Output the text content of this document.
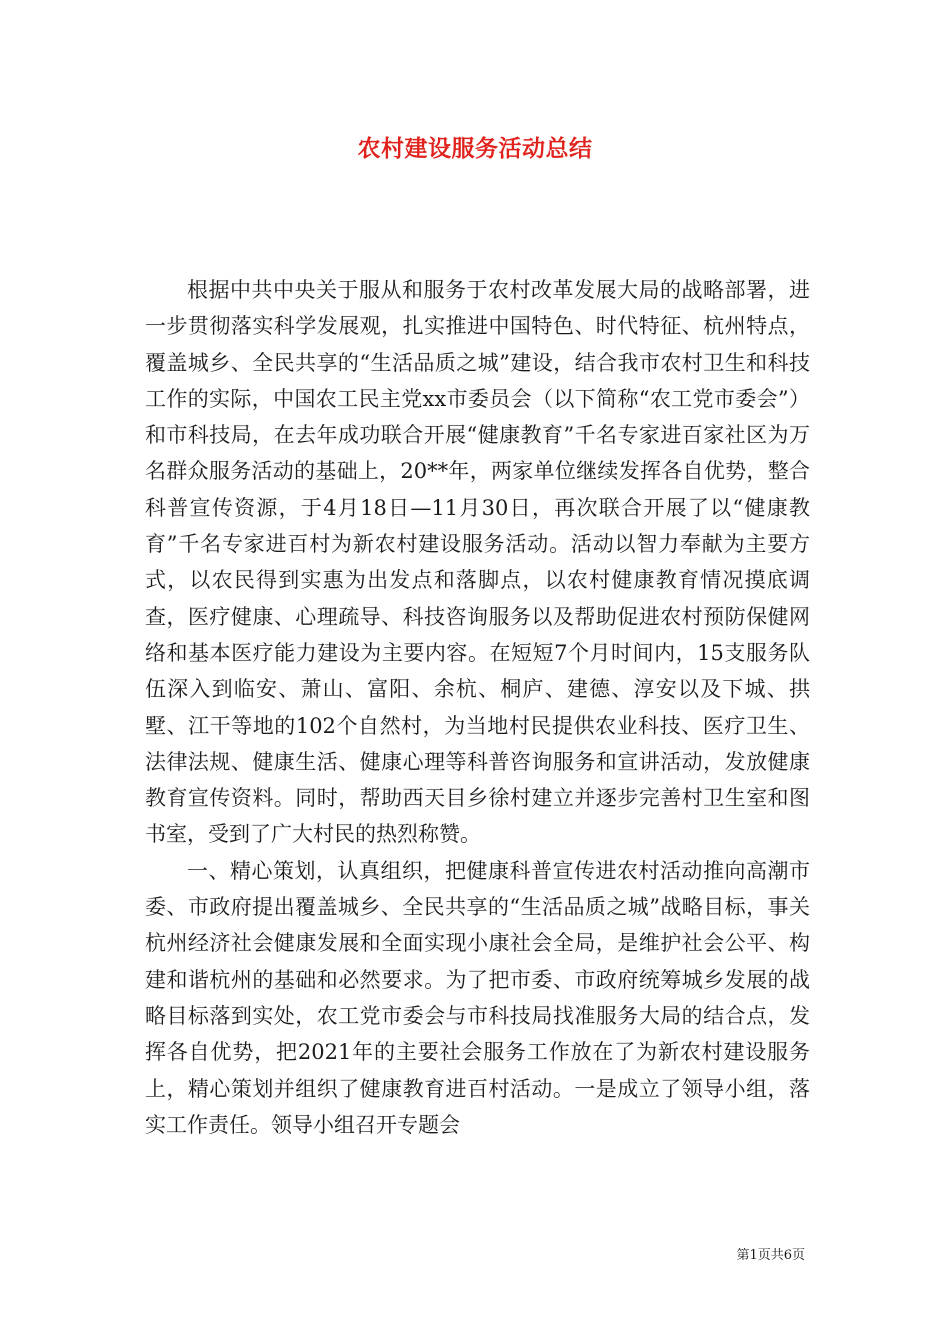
农村建设服务活动总结

根据中共中央关于服从和服务于农村改革发展大局的战略部署，进一步贯彻落实科学发展观，扎实推进中国特色、时代特征、杭州特点，覆盖城乡、全民共享的“生活品质之城”建设，结合我市农村卫生和科技工作的实际，中国农工民主党xx市委员会（以下简称“农工党市委会”）和市科技局，在去年成功联合开展“健康教育”千名专家进百家社区为万名群众服务活动的基础上，20**年，两家单位继续发挥各自优势，整合科普宣传资源，于4月18日—11月30日，再次联合开展了以“健康教育”千名专家进百村为新农村建设服务活动。活动以智力奉献为主要方式，以农民得到实惠为出发点和落脚点，以农村健康教育情况摸底调查，医疗健康、心理疏导、科技咨询服务以及帮助促进农村预防保健网络和基本医疗能力建设为主要内容。在短短7个月时间内，15支服务队伍深入到临安、萧山、富阳、余杭、桐庐、建德、淳安以及下城、拱墅、江干等地的102个自然村，为当地村民提供农业科技、医疗卫生、法律法规、健康生活、健康心理等科普咨询服务和宣讲活动，发放健康教育宣传资料。同时，帮助西天目乡徐村建立并逐步完善村卫生室和图书室，受到了广大村民的热烈称赞。

一、精心策划，认真组织，把健康科普宣传进农村活动推向高潮市委、市政府提出覆盖城乡、全民共享的“生活品质之城”战略目标，事关杭州经济社会健康发展和全面实现小康社会全局，是维护社会公平、构建和谐杭州的基础和必然要求。为了把市委、市政府统筹城乡发展的战略目标落到实处，农工党市委会与市科技局找准服务大局的结合点，发挥各自优势，把2021年的主要社会服务工作放在了为新农村建设服务上，精心策划并组织了健康教育进百村活动。一是成立了领导小组，落实工作责任。领导小组召开专题会

第1页共6页
